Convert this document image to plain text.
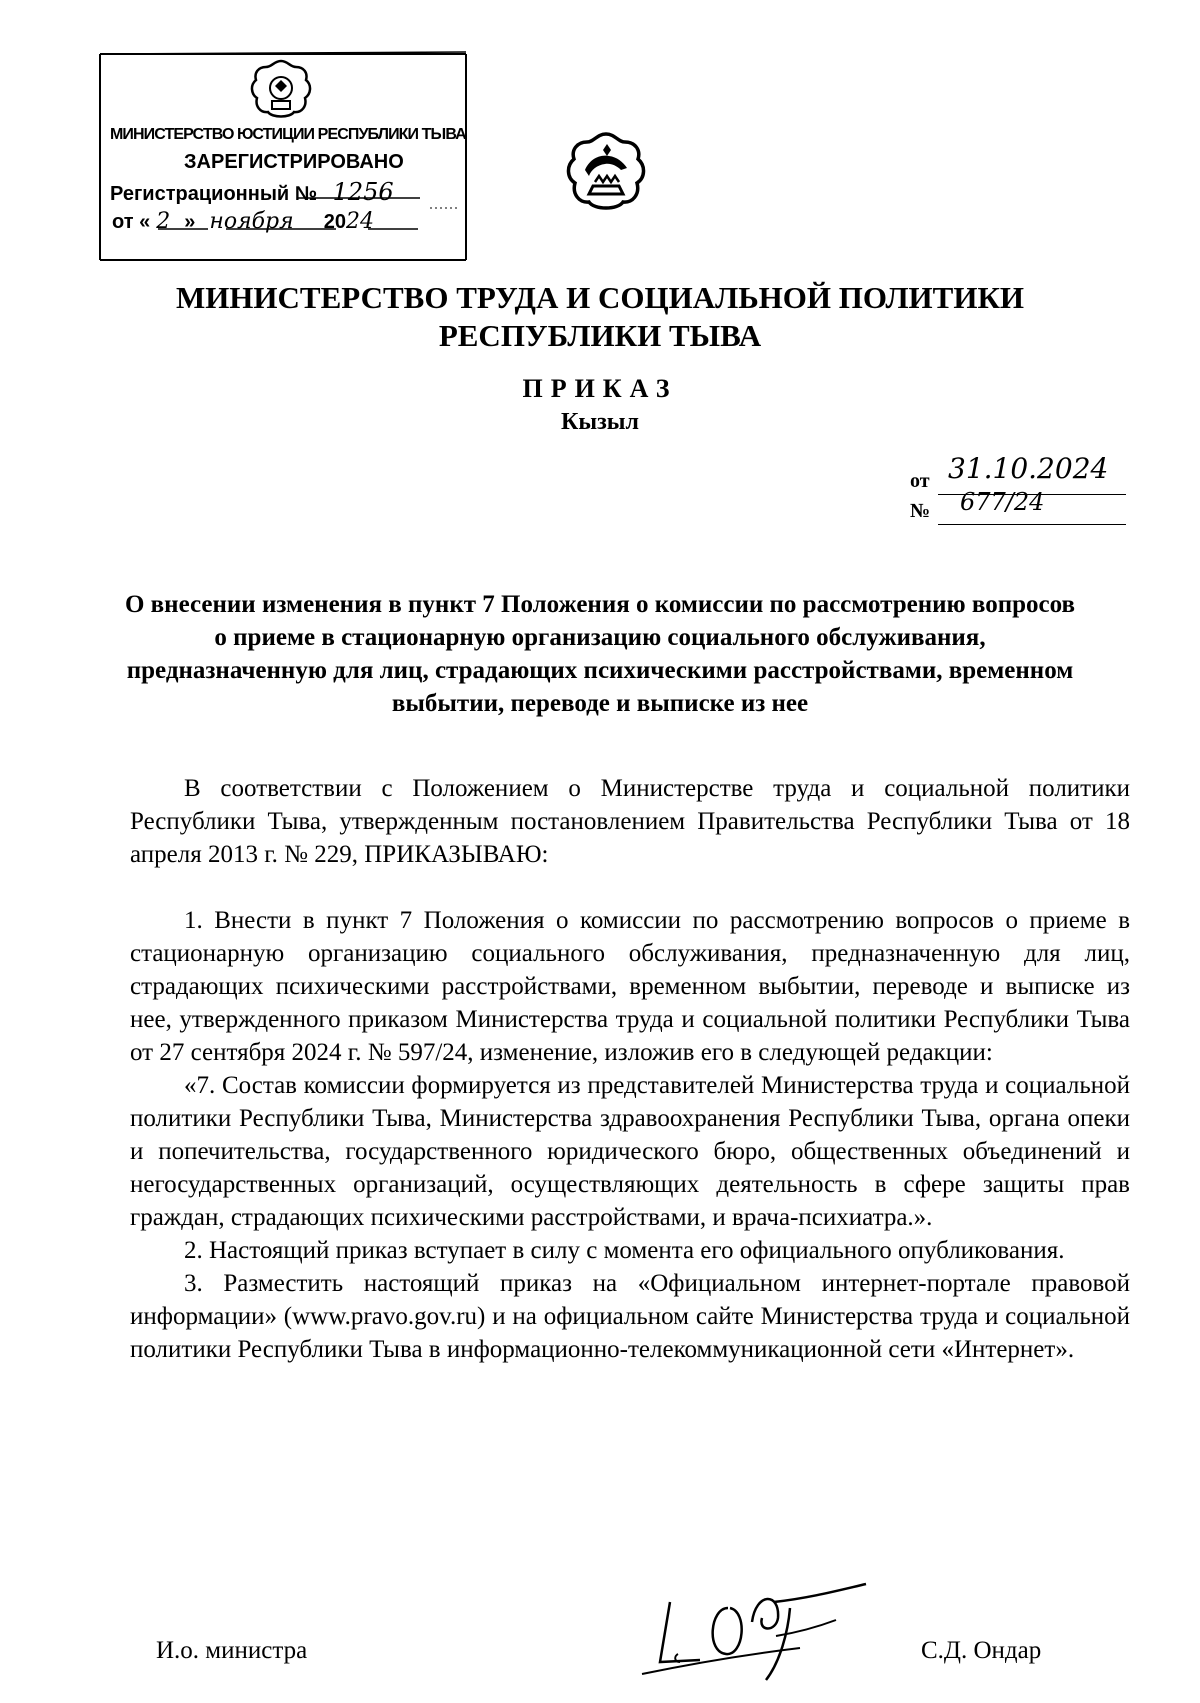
МИНИСТЕРСТВО ЮСТИЦИИ РЕСПУБЛИКИ ТЫВА
ЗАРЕГИСТРИРОВАНО
Регистрационный № 1256
от « 2 » ноября 2024
МИНИСТЕРСТВО ТРУДА И СОЦИАЛЬНОЙ ПОЛИТИКИ РЕСПУБЛИКИ ТЫВА
ПРИКАЗ
Кызыл
от 31.10.2024
№ 677/24
О внесении изменения в пункт 7 Положения о комиссии по рассмотрению вопросов о приеме в стационарную организацию социального обслуживания, предназначенную для лиц, страдающих психическими расстройствами, временном выбытии, переводе и выписке из нее

В соответствии с Положением о Министерстве труда и социальной политики Республики Тыва, утвержденным постановлением Правительства Республики Тыва от 18 апреля 2013 г. № 229, ПРИКАЗЫВАЮ:

1. Внести в пункт 7 Положения о комиссии по рассмотрению вопросов о приеме в стационарную организацию социального обслуживания, предназначенную для лиц, страдающих психическими расстройствами, временном выбытии, переводе и выписке из нее, утвержденного приказом Министерства труда и социальной политики Республики Тыва от 27 сентября 2024 г. № 597/24, изменение, изложив его в следующей редакции:

«7. Состав комиссии формируется из представителей Министерства труда и социальной политики Республики Тыва, Министерства здравоохранения Республики Тыва, органа опеки и попечительства, государственного юридического бюро, общественных объединений и негосударственных организаций, осуществляющих деятельность в сфере защиты прав граждан, страдающих психическими расстройствами, и врача-психиатра.».

2. Настоящий приказ вступает в силу с момента его официального опубликования.

3. Разместить настоящий приказ на «Официальном интернет-портале правовой информации» (www.pravo.gov.ru) и на официальном сайте Министерства труда и социальной политики Республики Тыва в информационно-телекоммуникационной сети «Интернет».

И.о. министра	С.Д. Ондар
